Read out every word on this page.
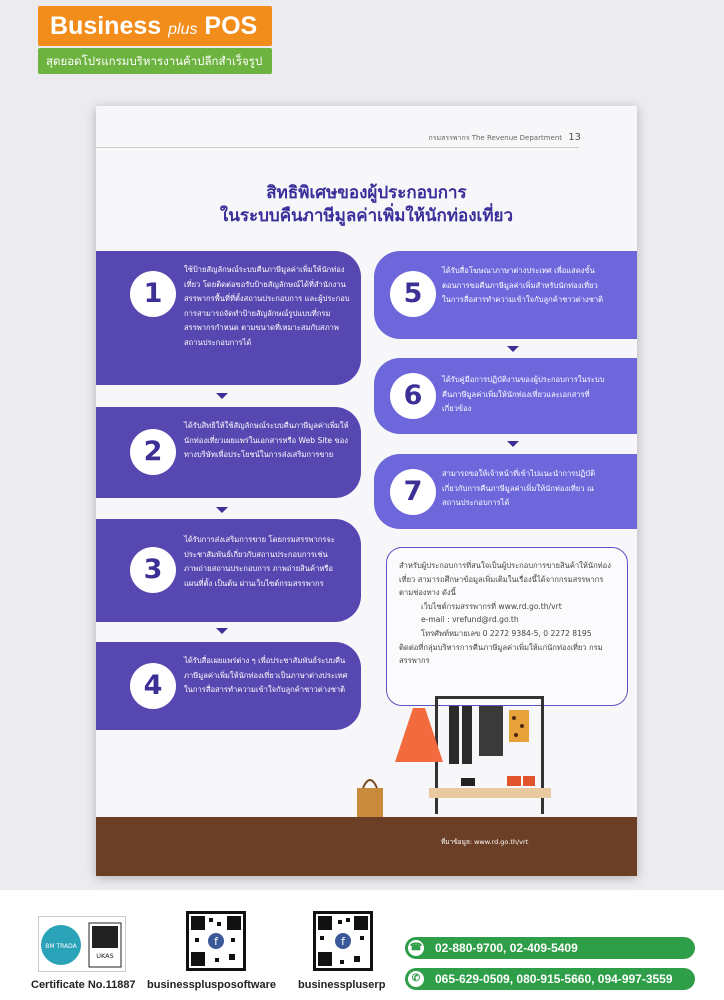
Business plus POS
สุดยอดโปรแกรมบริหารงานค้าปลีกสำเร็จรูป
กรมสรรพากร The Revenue Department 13
สิทธิพิเศษของผู้ประกอบการ
ในระบบคืนภาษีมูลค่าเพิ่มให้นักท่องเที่ยว
1
ใช้ป้ายสัญลักษณ์ระบบคืนภาษีมูลค่าเพิ่มให้นักท่องเที่ยว โดยติดต่อขอรับป้ายสัญลักษณ์ได้ที่สำนักงานสรรพากรพื้นที่ที่ตั้งสถานประกอบการ และผู้ประกอบการสามารถจัดทำป้ายสัญลักษณ์รูปแบบที่กรมสรรพากรกำหนด ตามขนาดที่เหมาะสมกับสภาพสถานประกอบการได้
2
ได้รับสิทธิให้ใช้สัญลักษณ์ระบบคืนภาษีมูลค่าเพิ่มให้นักท่องเที่ยวเผยแพร่ในเอกสารหรือ Web Site ของทางบริษัทเพื่อประโยชน์ในการส่งเสริมการขาย
3
ได้รับการส่งเสริมการขาย โดยกรมสรรพากรจะประชาสัมพันธ์เกี่ยวกับสถานประกอบการเช่น ภาพถ่ายสถานประกอบการ ภาพถ่ายสินค้าหรือแผนที่ตั้ง เป็นต้น ผ่านเว็บไซต์กรมสรรพากร
4
ได้รับสื่อเผยแพร่ต่าง ๆ เพื่อประชาสัมพันธ์ระบบคืนภาษีมูลค่าเพิ่มให้นักท่องเที่ยวเป็นภาษาต่างประเทศ ในการสื่อสารทำความเข้าใจกับลูกค้าชาวต่างชาติ
5
ได้รับสื่อโฆษณาภาษาต่างประเทศ เพื่อแสดงขั้นตอนการขอคืนภาษีมูลค่าเพิ่มสำหรับนักท่องเที่ยว ในการสื่อสารทำความเข้าใจกับลูกค้าชาวต่างชาติ
6
ได้รับคู่มือการปฏิบัติงานของผู้ประกอบการในระบบคืนภาษีมูลค่าเพิ่มให้นักท่องเที่ยวและเอกสารที่เกี่ยวข้อง
7
สามารถขอให้เจ้าหน้าที่เข้าไปแนะนำการปฏิบัติเกี่ยวกับการคืนภาษีมูลค่าเพิ่มให้นักท่องเที่ยว ณ สถานประกอบการได้
สำหรับผู้ประกอบการที่สนใจเป็นผู้ประกอบการขายสินค้าให้นักท่องเที่ยว สามารถศึกษาข้อมูลเพิ่มเติมในเรื่องนี้ได้จากกรมสรรพากรตามช่องทาง ดังนี้
เว็บไซต์กรมสรรพากรที่ www.rd.go.th/vrt
e-mail : vrefund@rd.go.th
โทรศัพท์หมายเลข 0 2272 9384-5, 0 2272 8195
ติดต่อที่กลุ่มบริหารการคืนภาษีมูลค่าเพิ่มให้แก่นักท่องเที่ยว กรมสรรพากร
ที่มาข้อมูล: www.rd.go.th/vrt
BM TRADA
UKAS
Certificate No.11887
f
businessplusposoftware
f
businesspluserp
☎ 02-880-9700, 02-409-5409
✆	065-629-0509, 080-915-5660, 094-997-3559
